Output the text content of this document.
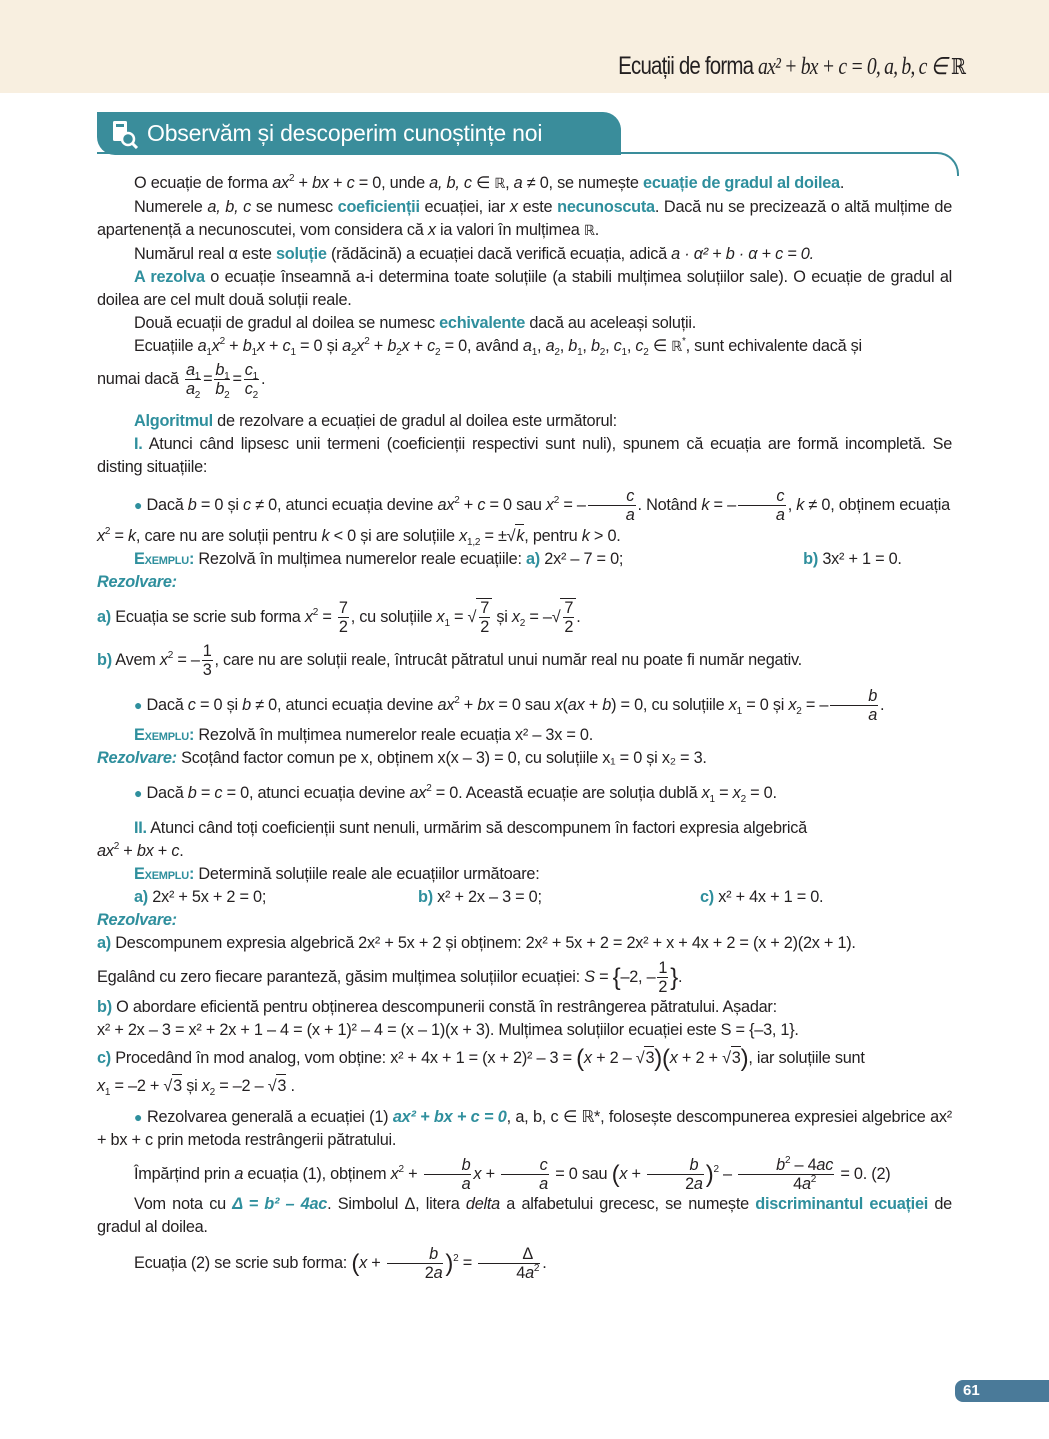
Ecuații de forma ax² + bx + c = 0, a, b, c ∈ ℝ
Observăm și descoperim cunoștințe noi

O ecuație de forma $ax^2$ + bx + c = 0, unde a, b, c ∈ ℝ, a ≠ 0, se numește ecuație de gradul al doilea.

Numerele a, b, c se numesc coeficienții ecuației, iar x este necunoscuta. Dacă nu se precizează o altă mulțime de apartenență a necunoscutei, vom considera că x ia valori în mulțimea ℝ.

Numărul real α este soluție (rădăcină) a ecuației dacă verifică ecuația, adică a · α² + b · α + c = 0.

A rezolva o ecuație înseamnă a-i determina toate soluțiile (a stabili mulțimea soluțiilor sale). O ecuație de gradul al doilea are cel mult două soluții reale.

Două ecuații de gradul al doilea se numesc echivalente dacă au aceleași soluții.

Ecuațiile $a_1x^2 + b_1x + c_1 = 0$ și $a_2x^2 + b_2x + c_2 = 0$, având $a_1$, $a_2$, $b_1$, $b_2$, $c_1$, $c_2$ ∈ ℝ*, sunt echivalente dacă și

numai dacă $\frac{a_1}{a_2} = \frac{b_1}{b_2} = \frac{c_1}{c_2}$ .

Algoritmul de rezolvare a ecuației de gradul al doilea este următorul:

I. Atunci când lipsesc unii termeni (coeficienții respectivi sunt nuli), spunem că ecuația are formă incompletă. Se disting situațiile:

● Dacă b = 0 și c ≠ 0, atunci ecuația devine $ax^2 + c = 0$ sau $x^2$ = – $\frac{c}{a}$ . Notând k = – $\frac{c}{a}$ , k ≠ 0, obținem ecuația

$x^2 = k$, care nu are soluții pentru k < 0 și are soluțiile $x_{1,2} = \pm√k$, pentru k > 0.

Exemplu: Rezolvă în mulțimea numerelor reale ecuațiile: a) 2x² – 7 = 0;	b) 3x² + 1 = 0.

Rezolvare:

a) Ecuația se scrie sub forma $x^2 = \frac{7}{2}$ , cu soluțiile $x_1$ = √ $\frac{7}{2}$ și $x_2$ = –√ $\frac{7}{2}$ .

b) Avem $x^2$ = – $\frac{1}{3}$ , care nu are soluții reale, întrucât pătratul unui număr real nu poate fi număr negativ.

● Dacă c = 0 și b ≠ 0, atunci ecuația devine $ax^2$ + bx = 0 sau x(ax + b) = 0, cu soluțiile $x_1 = 0$ și $x_2$ = – $\frac{b}{a}$ .

Exemplu: Rezolvă în mulțimea numerelor reale ecuația x² – 3x = 0.

Rezolvare: Scoțând factor comun pe x, obținem x(x – 3) = 0, cu soluțiile x₁ = 0 și x₂ = 3.

● Dacă b = c = 0, atunci ecuația devine $ax^2 = 0$. Această ecuație are soluția dublă $x_1 = x_2 = 0$.

II. Atunci când toți coeficienții sunt nenuli, urmărim să descompunem în factori expresia algebrică

$ax^2$ + bx + c.

Exemplu: Determină soluțiile reale ale ecuațiilor următoare:

a) 2x² + 5x + 2 = 0;	b) x² + 2x – 3 = 0;	c) x² + 4x + 1 = 0.

Rezolvare:

a) Descompunem expresia algebrică 2x² + 5x + 2 și obținem: 2x² + 5x + 2 = 2x² + x + 4x + 2 = (x + 2)(2x + 1).

Egalând cu zero fiecare paranteză, găsim mulțimea soluțiilor ecuației: S = {–2, – $\frac{1}{2}$ }.

b) O abordare eficientă pentru obținerea descompunerii constă în restrângerea pătratului. Așadar:

x² + 2x – 3 = x² + 2x + 1 – 4 = (x + 1)² – 4 = (x – 1)(x + 3). Mulțimea soluțiilor ecuației este S = {–3, 1}.

c) Procedând în mod analog, vom obține: x² + 4x + 1 = (x + 2)² – 3 = (x + 2 – √3)(x + 2 + √3), iar soluțiile sunt

$x_1 = -2 + √3$ și $x_2 = -2 - √3$ .

● Rezolvarea generală a ecuației (1) ax² + bx + c = 0, a, b, c ∈ ℝ*, folosește descompunerea expresiei algebrice ax² + bx + c prin metoda restrângerii pătratului.

Împărțind prin a ecuația (1), obținem $x^2 + \frac{b}{a}$ $x + \frac{c}{a} = 0$ sau $(x + \frac{b}{2a} )^2 - \frac{b^2 - 4ac}{4a^2} = 0$. (2)

Vom nota cu Δ = b² – 4ac. Simbolul Δ, litera delta a alfabetului grecesc, se numește discriminantul ecuației de gradul al doilea.

Ecuația (2) se scrie sub forma: $(x + \frac{b}{2a} )^2 = \frac{\Delta}{4a^2}$ .

61
